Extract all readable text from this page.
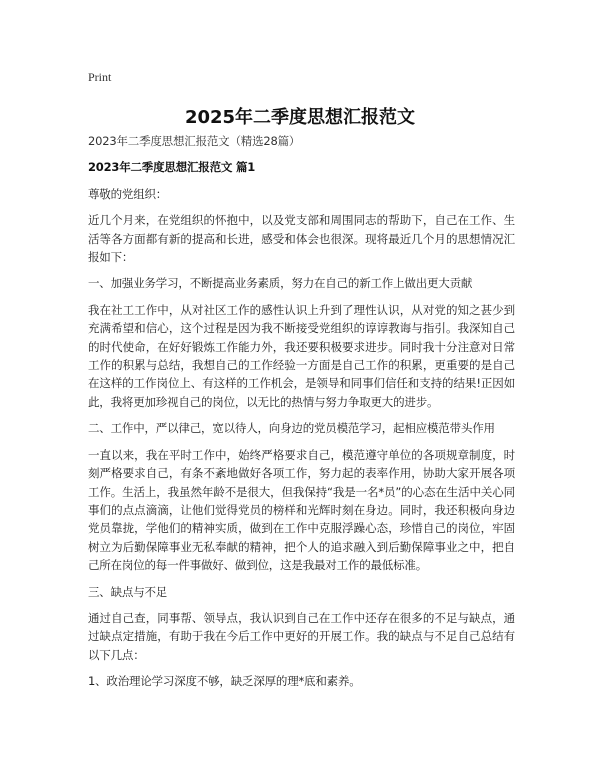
Print
2025年二季度思想汇报范文

2023年二季度思想汇报范文（精选28篇）

2023年二季度思想汇报范文 篇1

尊敬的党组织：

近几个月来，在党组织的怀抱中，以及党支部和周围同志的帮助下，自己在工作、生活等各方面都有新的提高和长进，感受和体会也很深。现将最近几个月的思想情况汇报如下：

一、加强业务学习，不断提高业务素质，努力在自己的新工作上做出更大贡献

我在社工工作中，从对社区工作的感性认识上升到了理性认识，从对党的知之甚少到充满希望和信心，这个过程是因为我不断接受党组织的谆谆教诲与指引。我深知自己的时代使命，在好好锻炼工作能力外，我还要积极要求进步。同时我十分注意对日常工作的积累与总结，我想自己的工作经验一方面是自己工作的积累，更重要的是自己在这样的工作岗位上、有这样的工作机会，是领导和同事们信任和支持的结果!正因如此，我将更加珍视自己的岗位，以无比的热情与努力争取更大的进步。

二、工作中，严以律己，宽以待人，向身边的党员模范学习，起相应模范带头作用

一直以来，我在平时工作中，始终严格要求自己，模范遵守单位的各项规章制度，时刻严格要求自己，有条不紊地做好各项工作，努力起的表率作用，协助大家开展各项工作。生活上，我虽然年龄不是很大，但我保持“我是一名*员”的心态在生活中关心同事们的点点滴滴，让他们觉得党员的榜样和光辉时刻在身边。同时，我还积极向身边党员靠拢，学他们的精神实质，做到在工作中克服浮躁心态，珍惜自己的岗位，牢固树立为后勤保障事业无私奉献的精神，把个人的追求融入到后勤保障事业之中，把自己所在岗位的每一件事做好、做到位，这是我最对工作的最低标准。

三、缺点与不足

通过自己查，同事帮、领导点，我认识到自己在工作中还存在很多的不足与缺点，通过缺点定措施，有助于我在今后工作中更好的开展工作。我的缺点与不足自己总结有以下几点：

1、政治理论学习深度不够，缺乏深厚的理*底和素养。
